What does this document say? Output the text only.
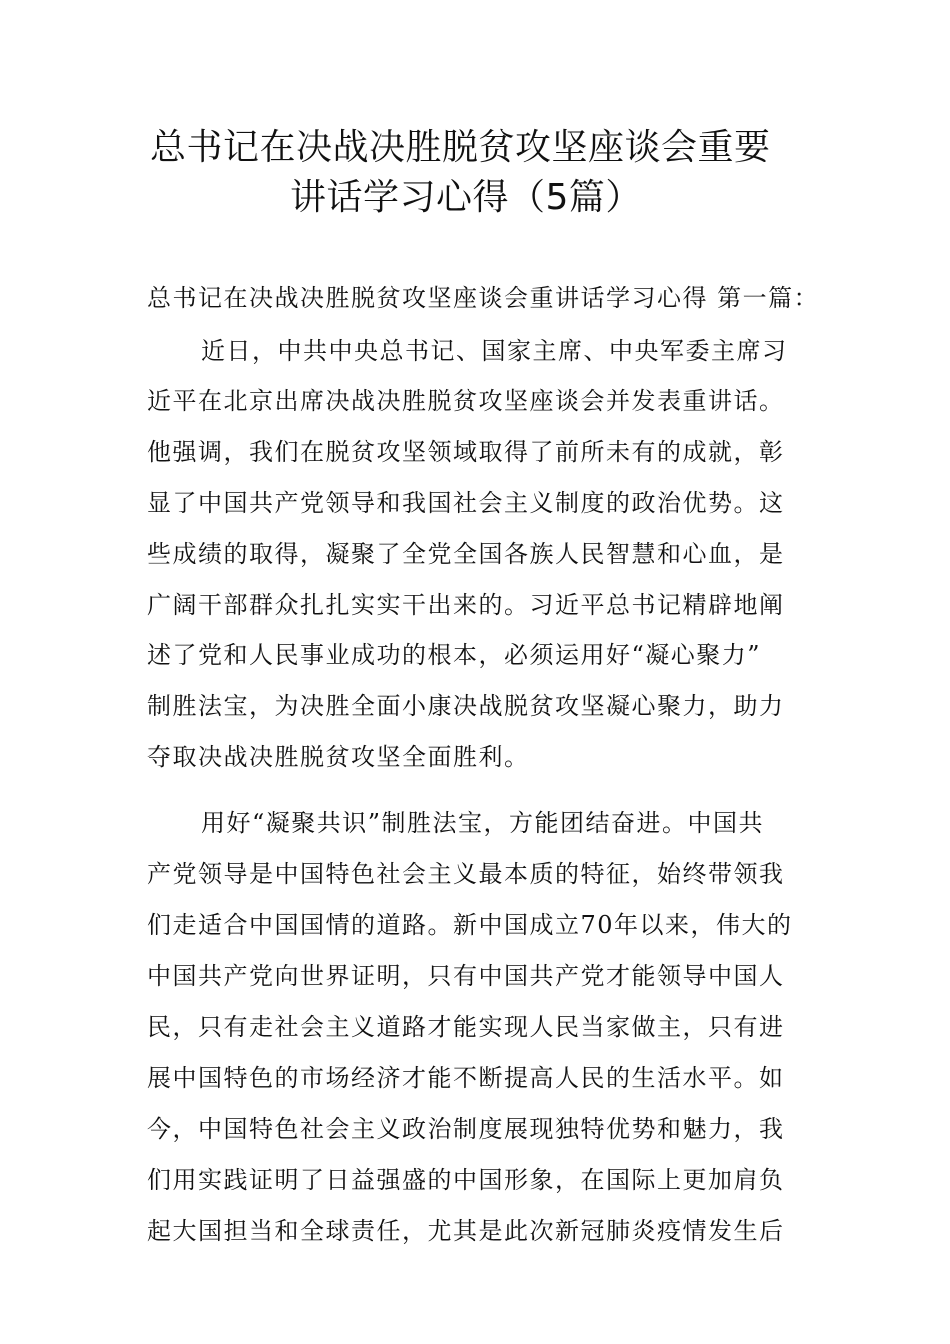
总书记在决战决胜脱贫攻坚座谈会重要
讲话学习心得（5篇）
总书记在决战决胜脱贫攻坚座谈会重讲话学习心得 第一篇：
近日，中共中央总书记、国家主席、中央军委主席习
近平在北京出席决战决胜脱贫攻坚座谈会并发表重讲话。
他强调，我们在脱贫攻坚领域取得了前所未有的成就，彰
显了中国共产党领导和我国社会主义制度的政治优势。这
些成绩的取得，凝聚了全党全国各族人民智慧和心血，是
广阔干部群众扎扎实实干出来的。习近平总书记精辟地阐
述了党和人民事业成功的根本，必须运用好“凝心聚力”
制胜法宝，为决胜全面小康决战脱贫攻坚凝心聚力，助力
夺取决战决胜脱贫攻坚全面胜利。
用好“凝聚共识”制胜法宝，方能团结奋进。中国共
产党领导是中国特色社会主义最本质的特征，始终带领我
们走适合中国国情的道路。新中国成立70年以来，伟大的
中国共产党向世界证明，只有中国共产党才能领导中国人
民，只有走社会主义道路才能实现人民当家做主，只有进
展中国特色的市场经济才能不断提高人民的生活水平。如
今，中国特色社会主义政治制度展现独特优势和魅力，我
们用实践证明了日益强盛的中国形象，在国际上更加肩负
起大国担当和全球责任，尤其是此次新冠肺炎疫情发生后
